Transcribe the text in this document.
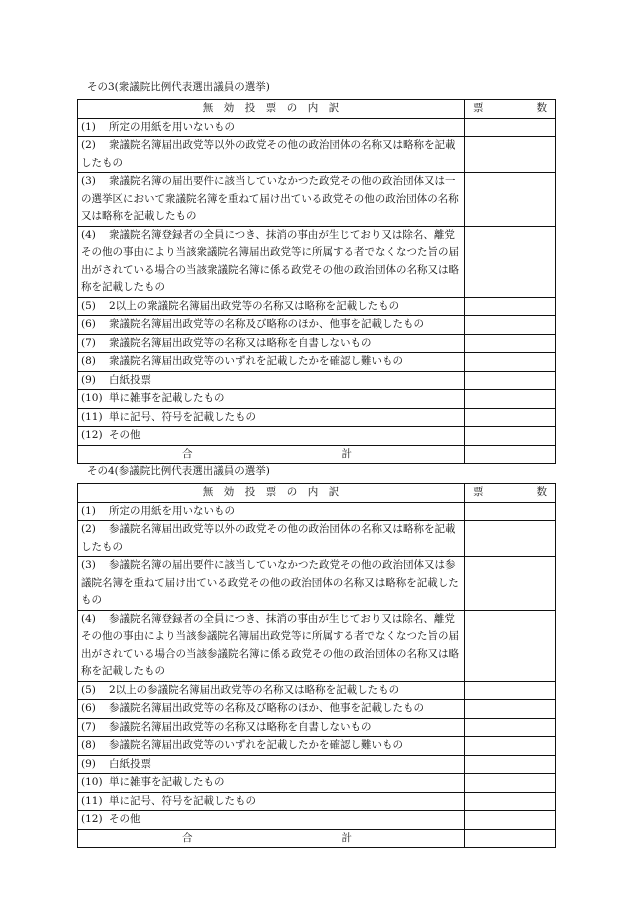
その3(衆議院比例代表選出議員の選挙)
無　効　投　票　の　内　訳	票　数
(1) 所定の用紙を用いないもの	
(2) 衆議院名簿届出政党等以外の政党その他の政治団体の名称又は略称を記載したもの	
(3) 衆議院名簿の届出要件に該当していなかつた政党その他の政治団体又は一の選挙区において衆議院名簿を重ねて届け出ている政党その他の政治団体の名称又は略称を記載したもの	
(4) 衆議院名簿登録者の全員につき、抹消の事由が生じており又は除名、離党その他の事由により当該衆議院名簿届出政党等に所属する者でなくなつた旨の届出がされている場合の当該衆議院名簿に係る政党その他の政治団体の名称又は略称を記載したもの	
(5) 2以上の衆議院名簿届出政党等の名称又は略称を記載したもの	
(6) 衆議院名簿届出政党等の名称及び略称のほか、他事を記載したもの	
(7) 衆議院名簿届出政党等の名称又は略称を自書しないもの	
(8) 衆議院名簿届出政党等のいずれを記載したかを確認し難いもの	
(9) 白紙投票	
(10) 単に雑事を記載したもの	
(11) 単に記号、符号を記載したもの	
(12) その他	

合 計	

その4(参議院比例代表選出議員の選挙)
無　効　投　票　の　内　訳	票　数
(1) 所定の用紙を用いないもの	
(2) 参議院名簿届出政党等以外の政党その他の政治団体の名称又は略称を記載したもの	
(3) 参議院名簿の届出要件に該当していなかつた政党その他の政治団体又は参議院名簿を重ねて届け出ている政党その他の政治団体の名称又は略称を記載したもの	
(4) 参議院名簿登録者の全員につき、抹消の事由が生じており又は除名、離党その他の事由により当該参議院名簿届出政党等に所属する者でなくなつた旨の届出がされている場合の当該参議院名簿に係る政党その他の政治団体の名称又は略称を記載したもの	
(5) 2以上の参議院名簿届出政党等の名称又は略称を記載したもの	
(6) 参議院名簿届出政党等の名称及び略称のほか、他事を記載したもの	
(7) 参議院名簿届出政党等の名称又は略称を自書しないもの	
(8) 参議院名簿届出政党等のいずれを記載したかを確認し難いもの	
(9) 白紙投票	
(10) 単に雑事を記載したもの	
(11) 単に記号、符号を記載したもの	
(12) その他	

合 計	
